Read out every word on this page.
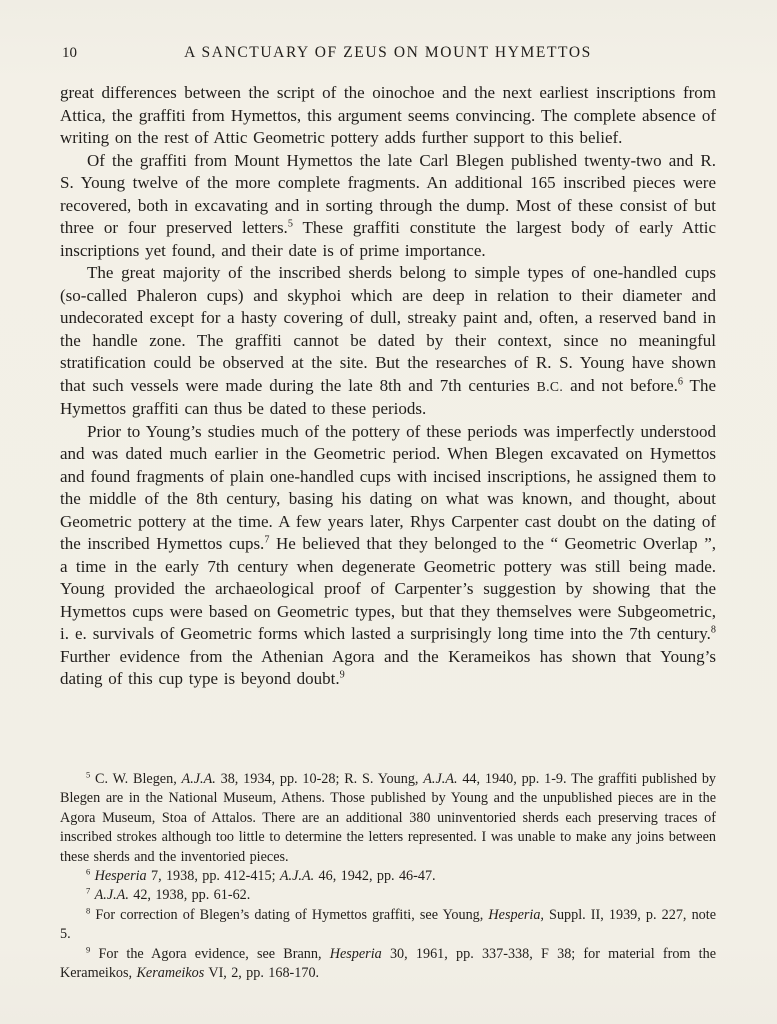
10	A SANCTUARY OF ZEUS ON MOUNT HYMETTOS

great differences between the script of the oinochoe and the next earliest inscriptions from Attica, the graffiti from Hymettos, this argument seems convincing. The complete absence of writing on the rest of Attic Geometric pottery adds further support to this belief.

Of the graffiti from Mount Hymettos the late Carl Blegen published twenty-two and R. S. Young twelve of the more complete fragments. An additional 165 inscribed pieces were recovered, both in excavating and in sorting through the dump. Most of these consist of but three or four preserved letters.$^5$ These graffiti constitute the largest body of early Attic inscriptions yet found, and their date is of prime importance.

The great majority of the inscribed sherds belong to simple types of one-handled cups (so-called Phaleron cups) and skyphoi which are deep in relation to their diameter and undecorated except for a hasty covering of dull, streaky paint and, often, a reserved band in the handle zone. The graffiti cannot be dated by their context, since no meaningful stratification could be observed at the site. But the researches of R. S. Young have shown that such vessels were made during the late 8th and 7th centuries B.C. and not before.$^6$ The Hymettos graffiti can thus be dated to these periods.

Prior to Young’s studies much of the pottery of these periods was imperfectly understood and was dated much earlier in the Geometric period. When Blegen excavated on Hymettos and found fragments of plain one-handled cups with incised inscriptions, he assigned them to the middle of the 8th century, basing his dating on what was known, and thought, about Geometric pottery at the time. A few years later, Rhys Carpenter cast doubt on the dating of the inscribed Hymettos cups.$^7$ He believed that they belonged to the “ Geometric Overlap ”, a time in the early 7th century when degenerate Geometric pottery was still being made. Young provided the archaeological proof of Carpenter’s suggestion by showing that the Hymettos cups were based on Geometric types, but that they themselves were Subgeometric, i. e. survivals of Geometric forms which lasted a surprisingly long time into the 7th century.$^8$ Further evidence from the Athenian Agora and the Kerameikos has shown that Young’s dating of this cup type is beyond doubt.$^9$

$^5$ C. W. Blegen, A.J.A. 38, 1934, pp. 10-28; R. S. Young, A.J.A. 44, 1940, pp. 1-9. The graffiti published by Blegen are in the National Museum, Athens. Those published by Young and the unpublished pieces are in the Agora Museum, Stoa of Attalos. There are an additional 380 uninventoried sherds each preserving traces of inscribed strokes although too little to determine the letters represented. I was unable to make any joins between these sherds and the inventoried pieces.

$^6$ Hesperia 7, 1938, pp. 412-415; A.J.A. 46, 1942, pp. 46-47.

$^7$ A.J.A. 42, 1938, pp. 61-62.

$^8$ For correction of Blegen’s dating of Hymettos graffiti, see Young, Hesperia, Suppl. II, 1939, p. 227, note 5.

$^9$ For the Agora evidence, see Brann, Hesperia 30, 1961, pp. 337-338, F 38; for material from the Kerameikos, Kerameikos VI, 2, pp. 168-170.
